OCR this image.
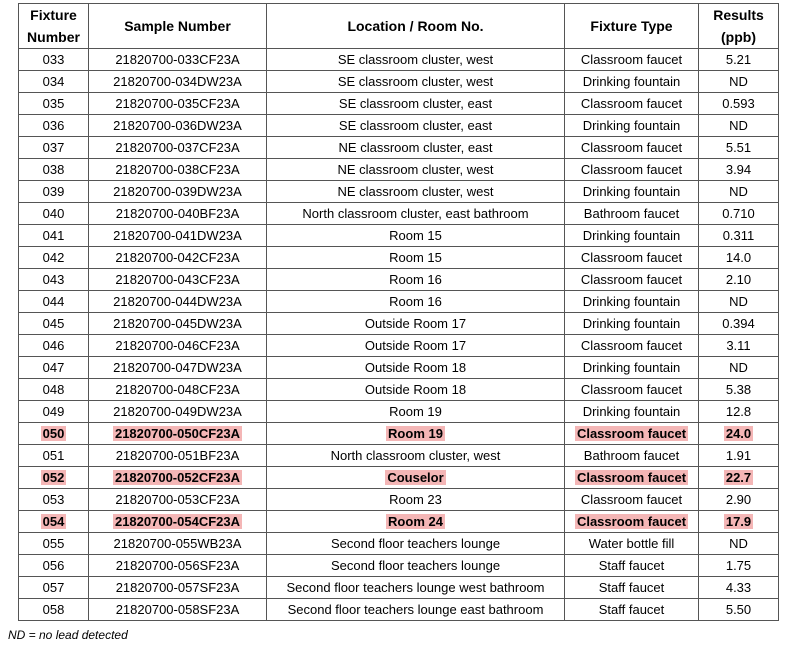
Fixture
Number	Sample Number	Location / Room No.	Fixture Type	Results
(ppb)
033	21820700-033CF23A	SE classroom cluster, west	Classroom faucet	5.21
034	21820700-034DW23A	SE classroom cluster, west	Drinking fountain	ND
035	21820700-035CF23A	SE classroom cluster, east	Classroom faucet	0.593
036	21820700-036DW23A	SE classroom cluster, east	Drinking fountain	ND
037	21820700-037CF23A	NE classroom cluster, east	Classroom faucet	5.51
038	21820700-038CF23A	NE classroom cluster, west	Classroom faucet	3.94
039	21820700-039DW23A	NE classroom cluster, west	Drinking fountain	ND
040	21820700-040BF23A	North classroom cluster, east bathroom	Bathroom faucet	0.710
041	21820700-041DW23A	Room 15	Drinking fountain	0.311
042	21820700-042CF23A	Room 15	Classroom faucet	14.0
043	21820700-043CF23A	Room 16	Classroom faucet	2.10
044	21820700-044DW23A	Room 16	Drinking fountain	ND
045	21820700-045DW23A	Outside Room 17	Drinking fountain	0.394
046	21820700-046CF23A	Outside Room 17	Classroom faucet	3.11
047	21820700-047DW23A	Outside Room 18	Drinking fountain	ND
048	21820700-048CF23A	Outside Room 18	Classroom faucet	5.38
049	21820700-049DW23A	Room 19	Drinking fountain	12.8
050	21820700-050CF23A	Room 19	Classroom faucet	24.0
051	21820700-051BF23A	North classroom cluster, west	Bathroom faucet	1.91
052	21820700-052CF23A	Couselor	Classroom faucet	22.7
053	21820700-053CF23A	Room 23	Classroom faucet	2.90
054	21820700-054CF23A	Room 24	Classroom faucet	17.9
055	21820700-055WB23A	Second floor teachers lounge	Water bottle fill	ND
056	21820700-056SF23A	Second floor teachers lounge	Staff faucet	1.75
057	21820700-057SF23A	Second floor teachers lounge west bathroom	Staff faucet	4.33
058	21820700-058SF23A	Second floor teachers lounge east bathroom	Staff faucet	5.50
ND = no lead detected
